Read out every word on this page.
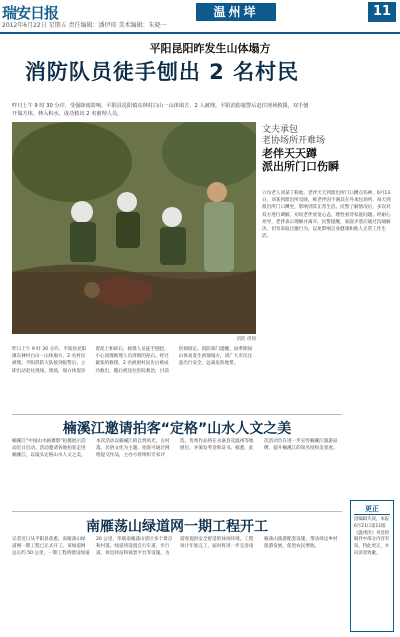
瑞安日报
2012年6月22日 星期五 责任编辑：潘伊琼 美术编辑：朱晓一
温州垟	11
平阳昆阳昨发生山体塌方
消防队员徒手刨出 2 名村民
昨日上午 9 时 30 分许，受强降雨影响，平阳县昆阳镇东林村白山一山体塌方，2 人被埋。平阳消防接警后赶往现场救援，双手刨开塌方体，伸入积水，成功救出 2 名被埋人员。
消防 供图
文夫承包
老协场所开难场
老伴天天蹲
派出所门口伤瞬
六旬老人刘某丁称他，老伴天天到派出所门口蹲点伤神。6月13日，刘某到派出所反映，称老伴因不满其在外承包场所，每天到派出所门口蹲坐，影响到其正常生活。民警了解情况后，多次对双方进行调解，劝说老伴放宽心态，理性看待家庭问题。经耐心劝导，老伴表示理解并离开。民警提醒，家庭矛盾应通过沟通解决，切勿采取过激行为，以免影响自身健康和他人正常工作生活。
昨日上午 9 时 30 分许，平阳县昆阳镇东林村白山一山体塌方，2 名村民被埋。平阳消防大队接到报警后，立即出动赶往现场。现场，塌方体混杂着泥土和碎石，救援人员徒手刨挖，小心清理被埋人员周围的泥石。经过紧张的救援，2 名被困村民先后被成功救出，随后被送往医院救治，目前伤情稳定。消防部门提醒，雨季期间山体易发生滑坡塌方，请广大市民注意出行安全，远离危险地带。
楠溪江邀请拍客“定格”山水人文之美
楠溪江“中国山水画摄影”拍摄展示活动近日启动。活动邀请各地拍客走进楠溪江，以镜头定格山水人文之美。本次活动以楠溪江的自然风光、古村落、民俗文化为主题，拍客可通过网络提交作品，主办方将组织专家评选，优秀作品将在永嘉县及温州等地展出，并颁发奖金和证书。据悉，此次活动旨在进一步宣传楠溪江旅游品牌，提升楠溪江的知名度和美誉度。
南雁荡山绿道网一期工程开工
记者近日从平阳县获悉，南雁荡山绿道网一期工程已正式开工。该绿道网总长约 50 公里，一期工程将建设绿道 20 公里，串联南雁荡山景区多个景点和村落。绿道将设置自行车道、步行道、休息驿站和观景平台等设施，为游客提供安全舒适的休闲环境。工程预计年底完工，届时将进一步完善南雁荡山旅游配套设施，带动周边乡村旅游发展，促进农民增收。
更正
因编辑失误，本报6月21日第11版《温州洋》刊登的稿件中部分内容有误，特此更正，并向读者致歉。
